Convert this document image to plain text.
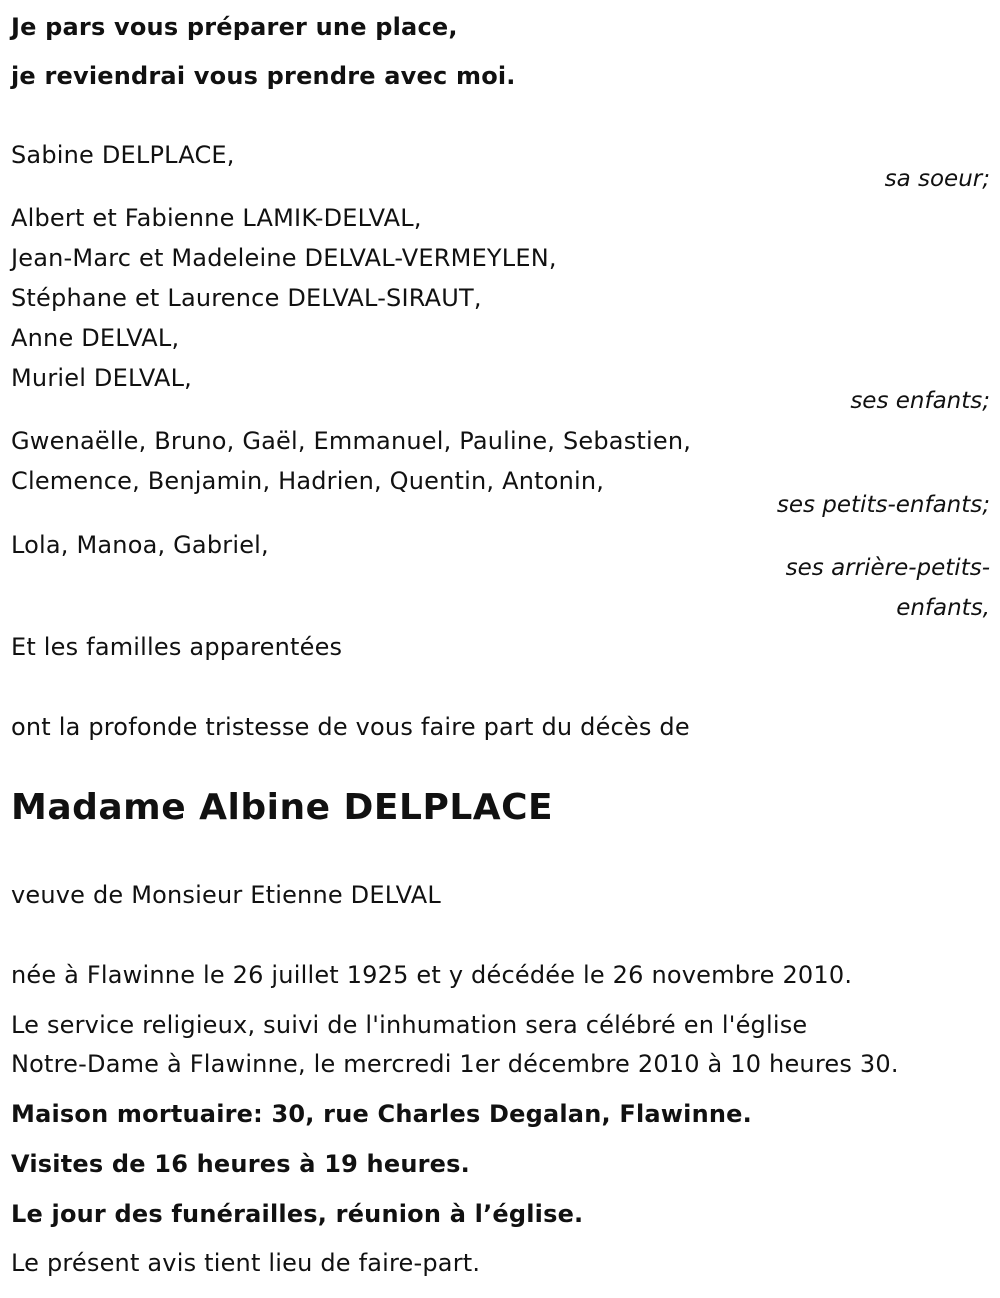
Je pars vous préparer une place,

je reviendrai vous prendre avec moi.

Sabine DELPLACE,

sa soeur;

Albert et Fabienne LAMIK-DELVAL,

Jean-Marc et Madeleine DELVAL-VERMEYLEN,

Stéphane et Laurence DELVAL-SIRAUT,

Anne DELVAL,

Muriel DELVAL,

ses enfants;

Gwenaëlle, Bruno, Gaël, Emmanuel, Pauline, Sebastien,

Clemence, Benjamin, Hadrien, Quentin, Antonin,

ses petits-enfants;

Lola, Manoa, Gabriel,

ses arrière-petits-

enfants,

Et les familles apparentées

ont la profonde tristesse de vous faire part du décès de

Madame Albine DELPLACE

veuve de Monsieur Etienne DELVAL

née à Flawinne le 26 juillet 1925 et y décédée le 26 novembre 2010.

Le service religieux, suivi de l'inhumation sera célébré en l'église

Notre-Dame à Flawinne, le mercredi 1er décembre 2010 à 10 heures 30.

Maison mortuaire: 30, rue Charles Degalan, Flawinne.

Visites de 16 heures à 19 heures.

Le jour des funérailles, réunion à l’église.

Le présent avis tient lieu de faire-part.
